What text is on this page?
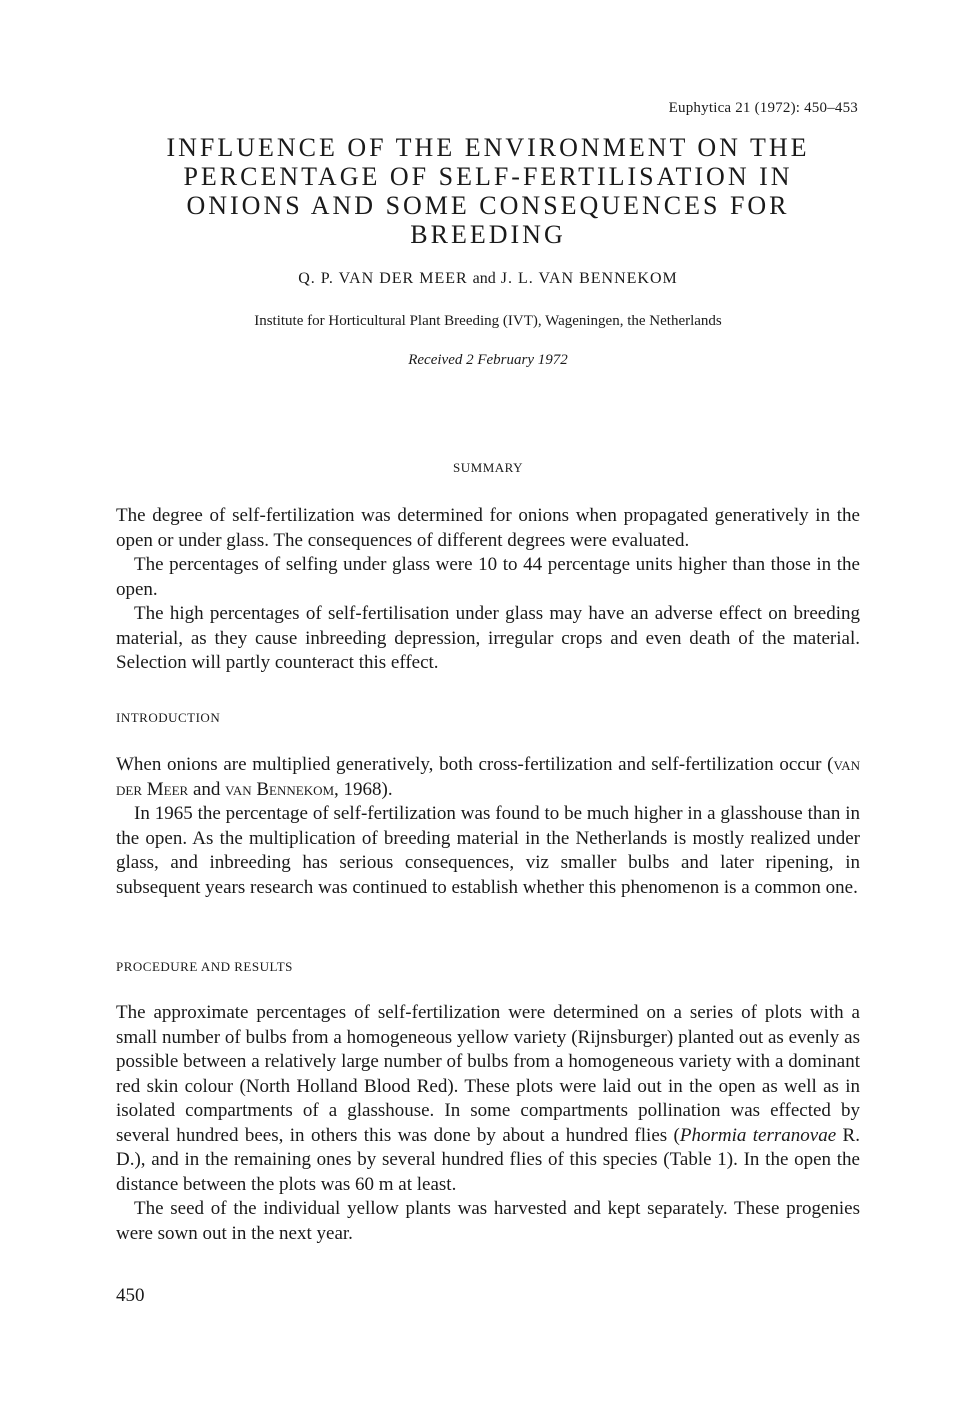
Euphytica 21 (1972): 450–453
INFLUENCE OF THE ENVIRONMENT ON THE
PERCENTAGE OF SELF-FERTILISATION IN
ONIONS AND SOME CONSEQUENCES FOR
BREEDING
Q. P. VAN DER MEER and J. L. VAN BENNEKOM
Institute for Horticultural Plant Breeding (IVT), Wageningen, the Netherlands
Received 2 February 1972
SUMMARY

The degree of self-fertilization was determined for onions when propagated generatively in the open or under glass. The consequences of different degrees were evaluated.

The percentages of selfing under glass were 10 to 44 percentage units higher than those in the open.

The high percentages of self-fertilisation under glass may have an adverse effect on breeding material, as they cause inbreeding depression, irregular crops and even death of the material. Selection will partly counteract this effect.

INTRODUCTION

When onions are multiplied generatively, both cross-fertilization and self-fertilization occur (van der Meer and van Bennekom, 1968).

In 1965 the percentage of self-fertilization was found to be much higher in a glasshouse than in the open. As the multiplication of breeding material in the Netherlands is mostly realized under glass, and inbreeding has serious consequences, viz smaller bulbs and later ripening, in subsequent years research was continued to establish whether this phenomenon is a common one.

PROCEDURE AND RESULTS

The approximate percentages of self-fertilization were determined on a series of plots with a small number of bulbs from a homogeneous yellow variety (Rijnsburger) planted out as evenly as possible between a relatively large number of bulbs from a homogeneous variety with a dominant red skin colour (North Holland Blood Red). These plots were laid out in the open as well as in isolated compartments of a glasshouse. In some compartments pollination was effected by several hundred bees, in others this was done by about a hundred flies (Phormia terranovae R. D.), and in the remaining ones by several hundred flies of this species (Table 1). In the open the distance between the plots was 60 m at least.

The seed of the individual yellow plants was harvested and kept separately. These progenies were sown out in the next year.

450
